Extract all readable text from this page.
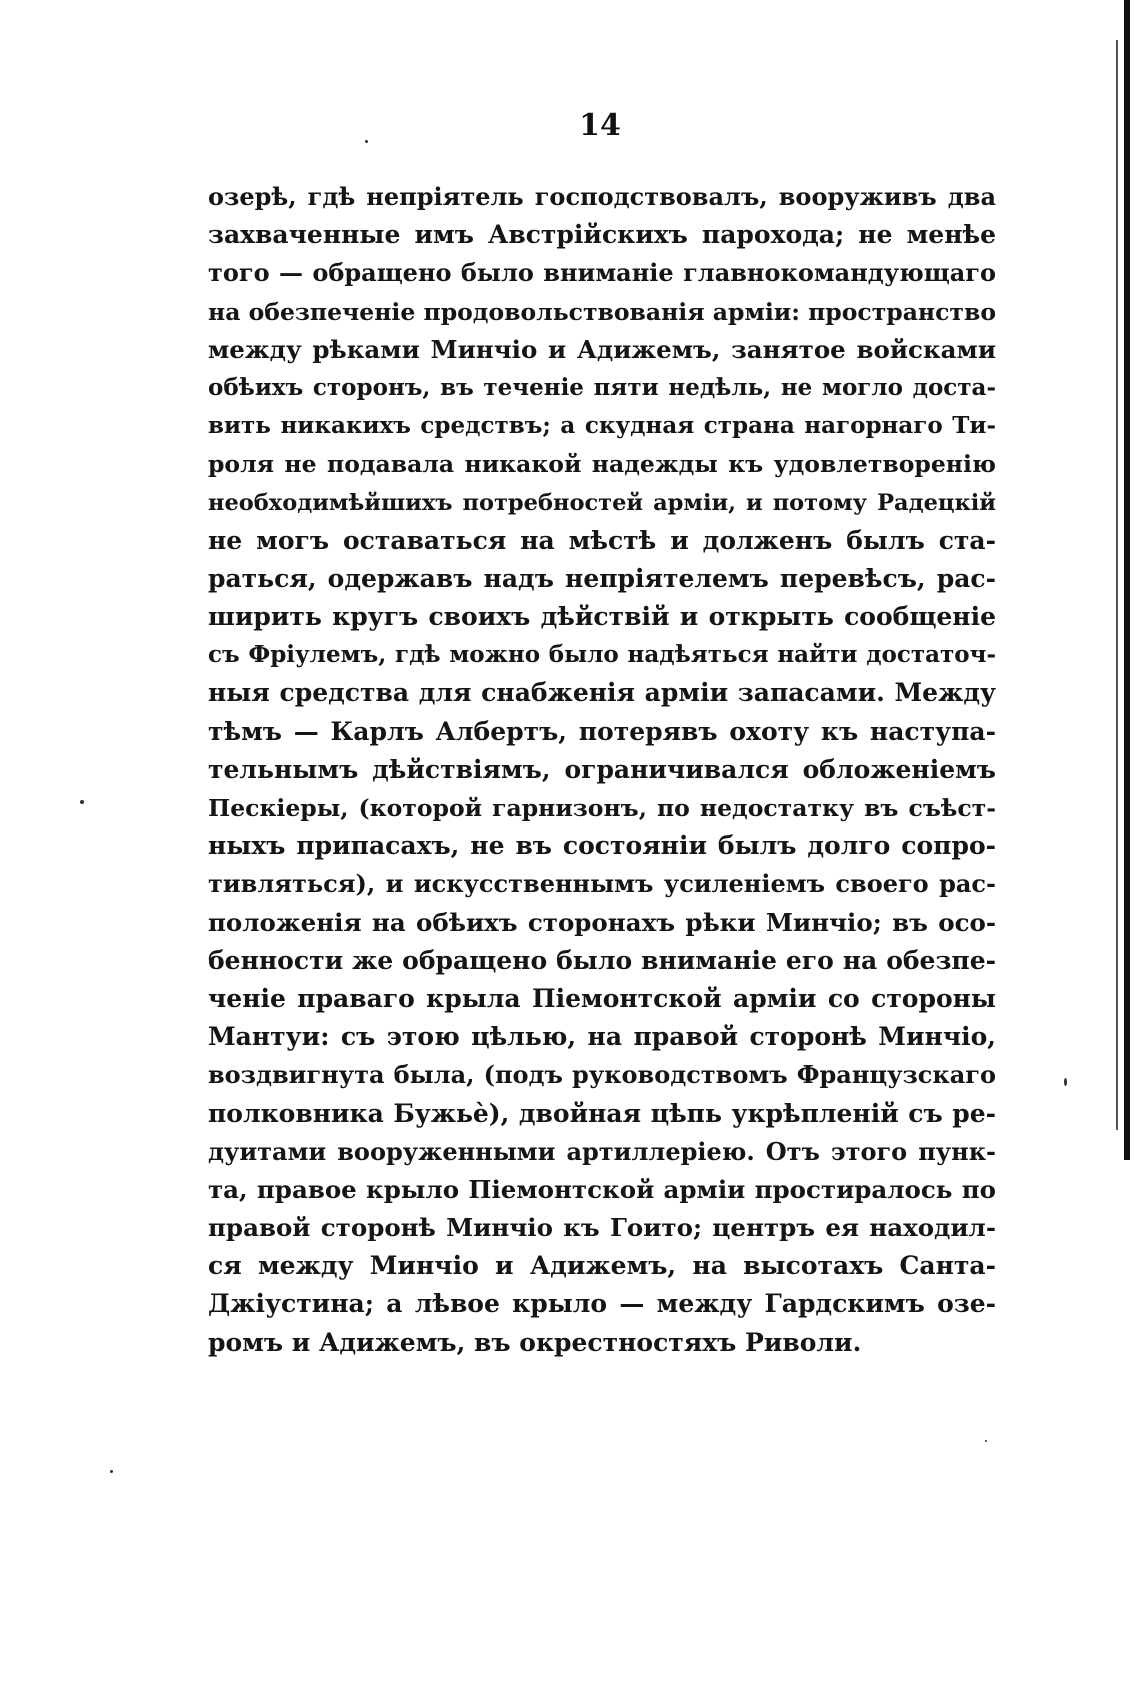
14
озерѣ, гдѣ непріятель господствовалъ, вооруживъ два
захваченные имъ Австрійскихъ парохода; не менѣе
того — обращено было вниманіе главнокомандующаго
на обезпеченіе продовольствованія арміи: пространство
между рѣками Минчіо и Адижемъ, занятое войсками
обѣихъ сторонъ, въ теченіе пяти недѣль, не могло доста-
вить никакихъ средствъ; а скудная страна нагорнаго Ти-
роля не подавала никакой надежды къ удовлетворенію
необходимѣйшихъ потребностей арміи, и потому Радецкій
не могъ оставаться на мѣстѣ и долженъ былъ ста-
раться, одержавъ надъ непріятелемъ перевѣсъ, рас-
ширить кругъ своихъ дѣйствій и открыть сообщеніе
съ Фріулемъ, гдѣ можно было надѣяться найти достаточ-
ныя средства для снабженія арміи запасами. Между
тѣмъ — Карлъ Албертъ, потерявъ охоту къ наступа-
тельнымъ дѣйствіямъ, ограничивался обложеніемъ
Пескіеры, (которой гарнизонъ, по недостатку въ съѣст-
ныхъ припасахъ, не въ состояніи былъ долго сопро-
тивляться), и искусственнымъ усиленіемъ своего рас-
положенія на обѣихъ сторонахъ рѣки Минчіо; въ осо-
бенности же обращено было вниманіе его на обезпе-
ченіе праваго крыла Піемонтской арміи со стороны
Мантуи: съ этою цѣлью, на правой сторонѣ Минчіо,
воздвигнута была, (подъ руководствомъ Французскаго
полковника Бужьè), двойная цѣпь укрѣпленій съ ре-
дуитами вооруженными артиллеріею. Отъ этого пунк-
та, правое крыло Піемонтской арміи простиралось по
правой сторонѣ Минчіо къ Гоито; центръ ея находил-
ся между Минчіо и Адижемъ, на высотахъ Санта-
Джіустина; а лѣвое крыло — между Гардскимъ озе-
ромъ и Адижемъ, въ окрестностяхъ Риволи.
